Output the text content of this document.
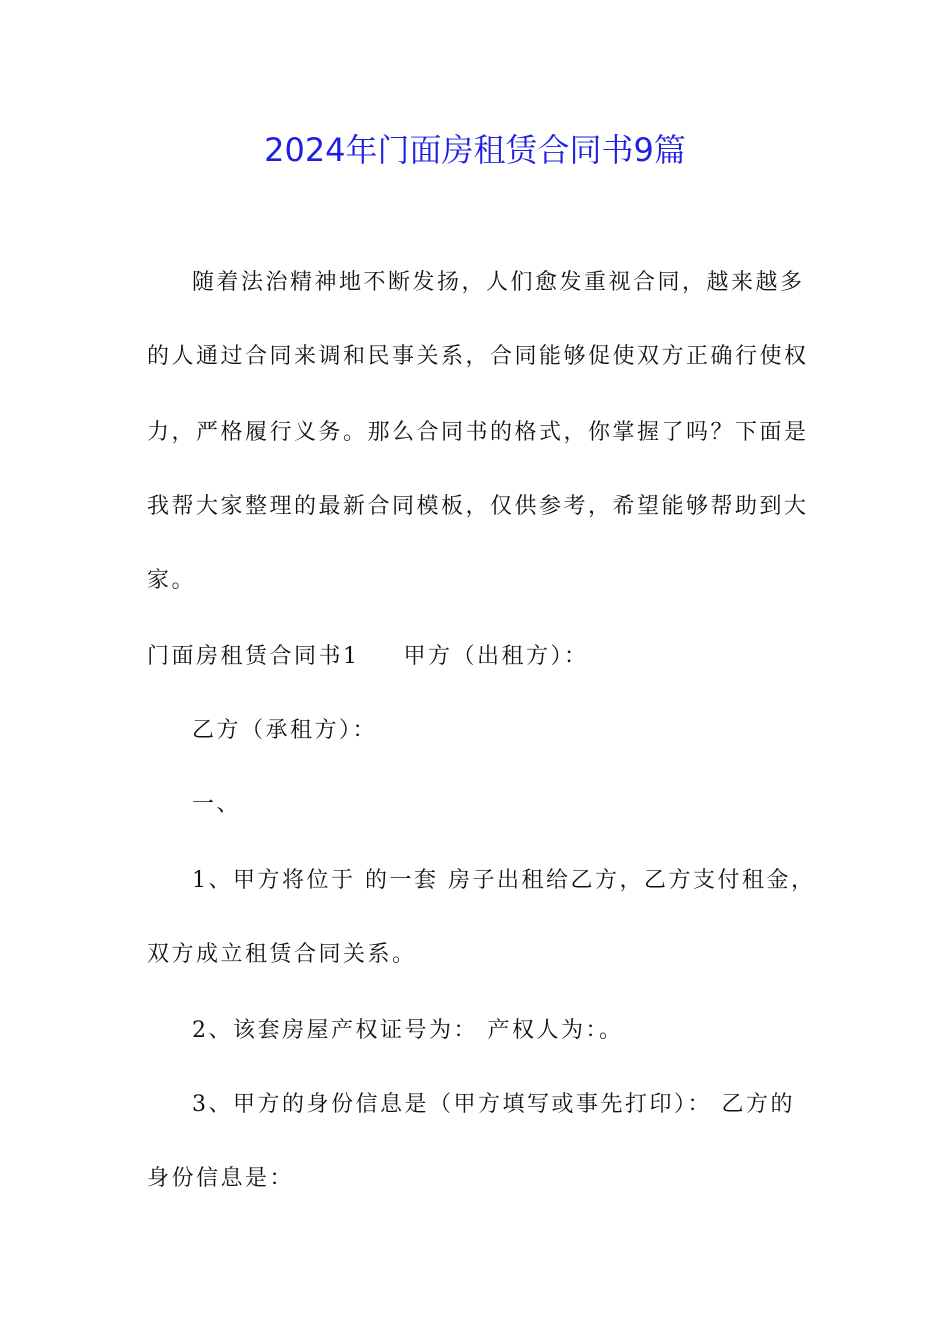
2024年门面房租赁合同书9篇

随着法治精神地不断发扬，人们愈发重视合同，越来越多

的人通过合同来调和民事关系，合同能够促使双方正确行使权

力，严格履行义务。那么合同书的格式，你掌握了吗？下面是

我帮大家整理的最新合同模板，仅供参考，希望能够帮助到大

家。

门面房租赁合同书1 甲方（出租方）：

乙方（承租方）：

一、

1、甲方将位于 的一套 房子出租给乙方，乙方支付租金，

双方成立租赁合同关系。

2、该套房屋产权证号为： 产权人为：。

3、甲方的身份信息是（甲方填写或事先打印）： 乙方的

身份信息是：
